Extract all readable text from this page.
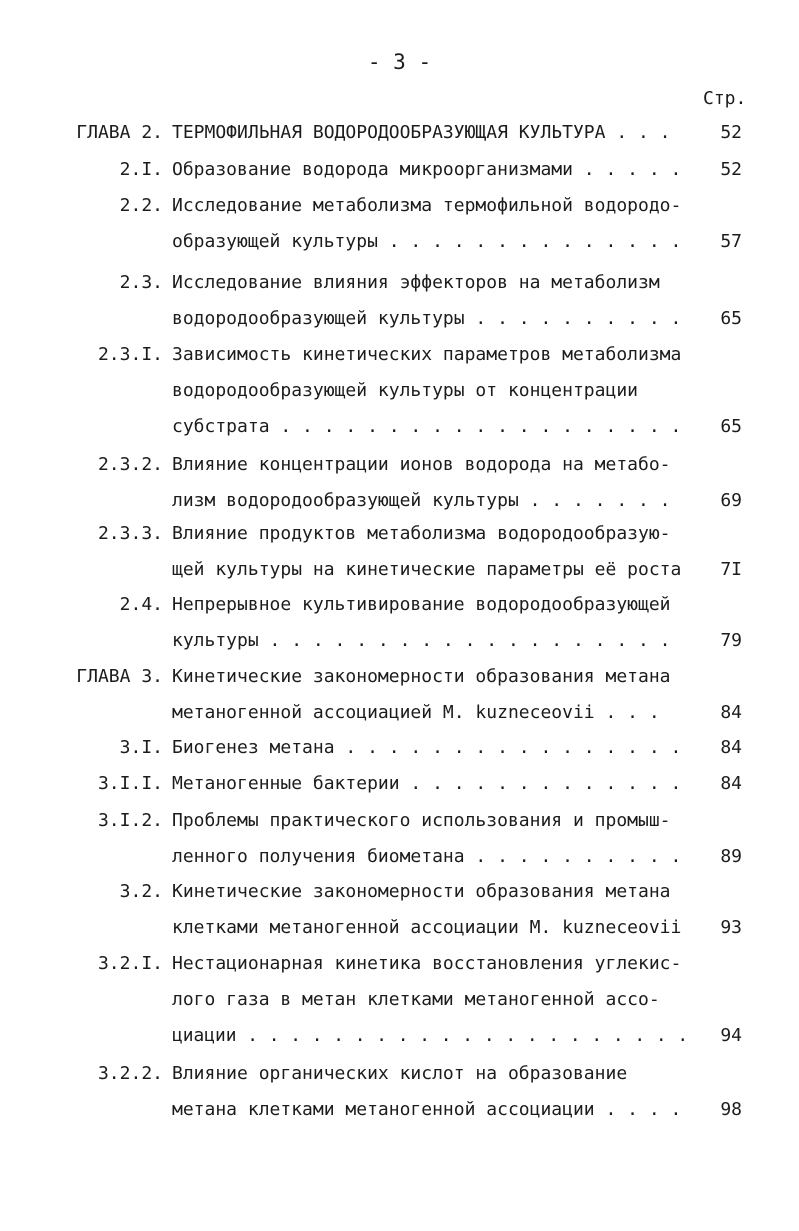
- 3 -
Стр.
ГЛАВА 2. ТЕРМОФИЛЬНАЯ ВОДОРОДООБРАЗУЮЩАЯ КУЛЬТУРА . . .	52
2.I. Образование водорода микроорганизмами . . . . .	52
2.2. Исследование метаболизма термофильной водородо-
образующей культуры . . . . . . . . . . . . . .	57
2.3. Исследование влияния эффекторов на метаболизм
водородообразующей культуры . . . . . . . . . .	65
2.3.I. Зависимость кинетических параметров метаболизма
водородообразующей культуры от концентрации
субстрата . . . . . . . . . . . . . . . . . . .	65
2.3.2. Влияние концентрации ионов водорода на метабо-
лизм водородообразующей культуры . . . . . . .	69
2.3.3. Влияние продуктов метаболизма водородообразую-
щей культуры на кинетические параметры её роста	7I
2.4. Непрерывное культивирование водородообразующей
культуры . . . . . . . . . . . . . . . . . . .	79
ГЛАВА 3. Кинетические закономерности образования метана
метаногенной ассоциацией M. kuzneceovii . . .	84
3.I. Биогенез метана . . . . . . . . . . . . . . . .	84
3.I.I. Метаногенные бактерии . . . . . . . . . . . . .	84
3.I.2. Проблемы практического использования и промыш-
ленного получения биометана . . . . . . . . . .	89
3.2. Кинетические закономерности образования метана
клетками метаногенной ассоциации M. kuzneceovii	93
3.2.I. Нестационарная кинетика восстановления углекис-
лого газа в метан клетками метаногенной ассо-
циации . . . . . . . . . . . . . . . . . . . . .	94
3.2.2. Влияние органических кислот на образование
метана клетками метаногенной ассоциации . . . .	98
